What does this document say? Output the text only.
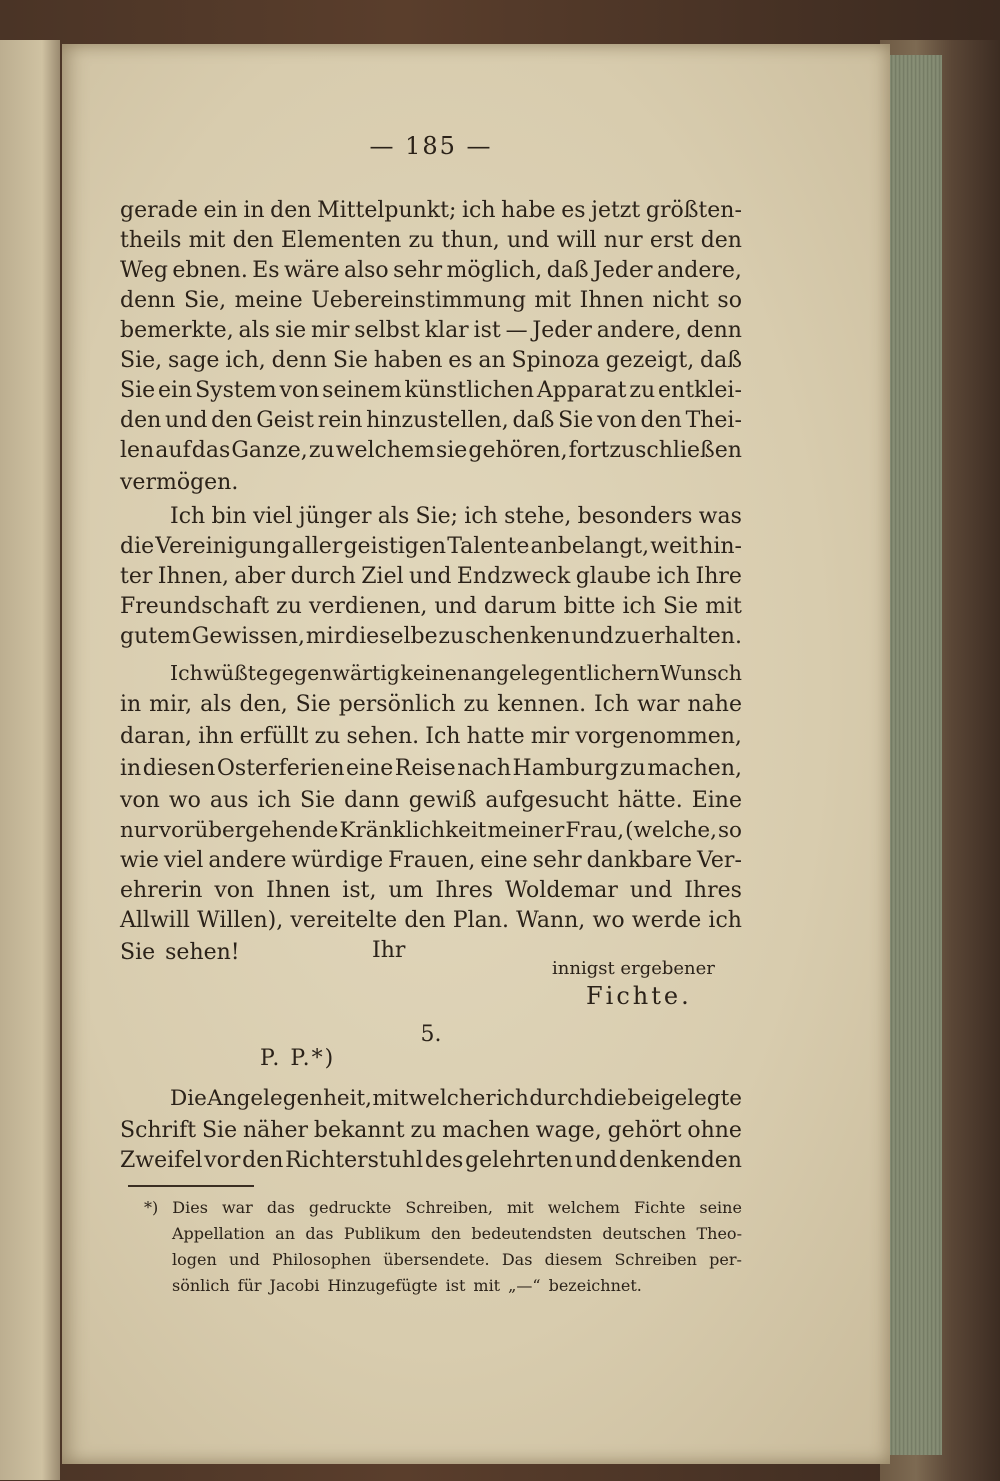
— 185 —
gerade ein in den Mittelpunkt; ich habe es jetzt größten-
theils mit den Elementen zu thun, und will nur erst den
Weg ebnen. Es wäre also sehr möglich, daß Jeder andere,
denn Sie, meine Uebereinstimmung mit Ihnen nicht so
bemerkte, als sie mir selbst klar ist — Jeder andere, denn
Sie, sage ich, denn Sie haben es an Spinoza gezeigt, daß
Sie ein System von seinem künstlichen Apparat zu entklei-
den und den Geist rein hinzustellen, daß Sie von den Thei-
len auf das Ganze, zu welchem sie gehören, fortzuschließen
vermögen.
Ich bin viel jünger als Sie; ich stehe, besonders was
die Vereinigung aller geistigen Talente anbelangt, weit hin-
ter Ihnen, aber durch Ziel und Endzweck glaube ich Ihre
Freundschaft zu verdienen, und darum bitte ich Sie mit
gutem Gewissen, mir dieselbe zu schenken und zu erhalten.
Ich wüßte gegenwärtig keinen angelegentlichern Wunsch
in mir, als den, Sie persönlich zu kennen. Ich war nahe
daran, ihn erfüllt zu sehen. Ich hatte mir vorgenommen,
in diesen Osterferien eine Reise nach Hamburg zu machen,
von wo aus ich Sie dann gewiß aufgesucht hätte. Eine
nur vorübergehende Kränklichkeit meiner Frau, (welche, so
wie viel andere würdige Frauen, eine sehr dankbare Ver-
ehrerin von Ihnen ist, um Ihres Woldemar und Ihres
Allwill Willen), vereitelte den Plan. Wann, wo werde ich
Sie sehen!	Ihr
innigst ergebener
Fichte.
5.
P. P.*)
Die Angelegenheit, mit welcher ich durch die beigelegte
Schrift Sie näher bekannt zu machen wage, gehört ohne
Zweifel vor den Richterstuhl des gelehrten und denkenden
*) Dies war das gedruckte Schreiben, mit welchem Fichte seine
Appellation an das Publikum den bedeutendsten deutschen Theo-
logen und Philosophen übersendete. Das diesem Schreiben per-
sönlich für Jacobi Hinzugefügte ist mit „—“ bezeichnet.
